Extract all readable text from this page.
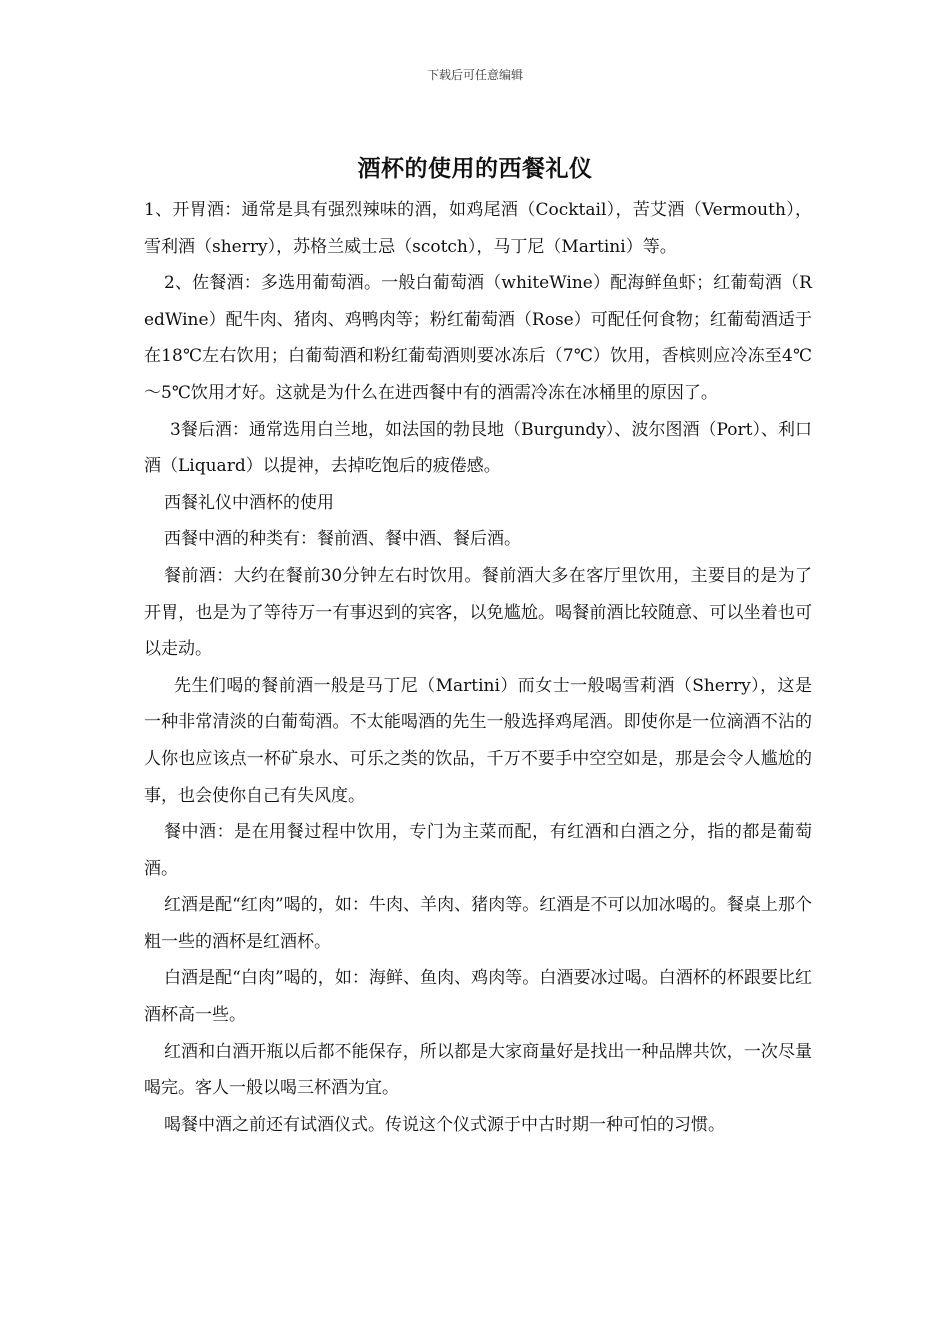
下载后可任意编辑
酒杯的使用的西餐礼仪

1、开胃酒：通常是具有强烈辣味的酒，如鸡尾酒（Cocktail），苦艾酒（Vermouth），雪利酒（sherry），苏格兰威士忌（scotch），马丁尼（Martini）等。

2、佐餐酒：多选用葡萄酒。一般白葡萄酒（whiteWine）配海鲜鱼虾；红葡萄酒（RedWine）配牛肉、猪肉、鸡鸭肉等；粉红葡萄酒（Rose）可配任何食物；红葡萄酒适于在18℃左右饮用；白葡萄酒和粉红葡萄酒则要冰冻后（7℃）饮用，香槟则应冷冻至4℃～5℃饮用才好。这就是为什么在进西餐中有的酒需冷冻在冰桶里的原因了。

3餐后酒：通常选用白兰地，如法国的勃艮地（Burgundy）、波尔图酒（Port）、利口酒（Liquard）以提神，去掉吃饱后的疲倦感。

西餐礼仪中酒杯的使用

西餐中酒的种类有：餐前酒、餐中酒、餐后酒。

餐前酒：大约在餐前30分钟左右时饮用。餐前酒大多在客厅里饮用，主要目的是为了开胃，也是为了等待万一有事迟到的宾客，以免尴尬。喝餐前酒比较随意、可以坐着也可以走动。

先生们喝的餐前酒一般是马丁尼（Martini）而女士一般喝雪莉酒（Sherry），这是一种非常清淡的白葡萄酒。不太能喝酒的先生一般选择鸡尾酒。即使你是一位滴酒不沾的人你也应该点一杯矿泉水、可乐之类的饮品，千万不要手中空空如是，那是会令人尴尬的事，也会使你自己有失风度。

餐中酒：是在用餐过程中饮用，专门为主菜而配，有红酒和白酒之分，指的都是葡萄酒。

红酒是配“红肉”喝的，如：牛肉、羊肉、猪肉等。红酒是不可以加冰喝的。餐桌上那个粗一些的酒杯是红酒杯。

白酒是配“白肉”喝的，如：海鲜、鱼肉、鸡肉等。白酒要冰过喝。白酒杯的杯跟要比红酒杯高一些。

红酒和白酒开瓶以后都不能保存，所以都是大家商量好是找出一种品牌共饮，一次尽量喝完。客人一般以喝三杯酒为宜。

喝餐中酒之前还有试酒仪式。传说这个仪式源于中古时期一种可怕的习惯。
